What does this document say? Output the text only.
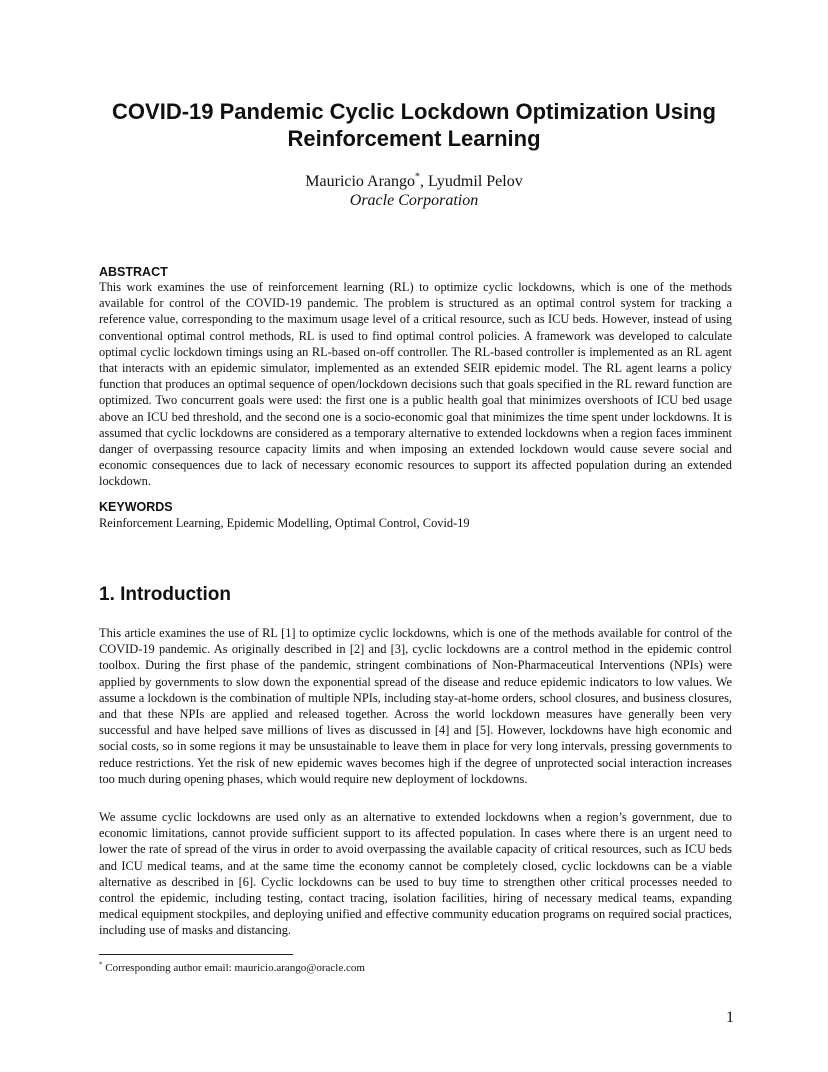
COVID-19 Pandemic Cyclic Lockdown Optimization Using Reinforcement Learning
Mauricio Arango*, Lyudmil Pelov
Oracle Corporation
ABSTRACT

This work examines the use of reinforcement learning (RL) to optimize cyclic lockdowns, which is one of the methods available for control of the COVID-19 pandemic. The problem is structured as an optimal control system for tracking a reference value, corresponding to the maximum usage level of a critical resource, such as ICU beds. However, instead of using conventional optimal control methods, RL is used to find optimal control policies. A framework was developed to calculate optimal cyclic lockdown timings using an RL-based on-off controller. The RL-based controller is implemented as an RL agent that interacts with an epidemic simulator, implemented as an extended SEIR epidemic model. The RL agent learns a policy function that produces an optimal sequence of open/lockdown decisions such that goals specified in the RL reward function are optimized. Two concurrent goals were used: the first one is a public health goal that minimizes overshoots of ICU bed usage above an ICU bed threshold, and the second one is a socio-economic goal that minimizes the time spent under lockdowns. It is assumed that cyclic lockdowns are considered as a temporary alternative to extended lockdowns when a region faces imminent danger of overpassing resource capacity limits and when imposing an extended lockdown would cause severe social and economic consequences due to lack of necessary economic resources to support its affected population during an extended lockdown.

KEYWORDS

Reinforcement Learning, Epidemic Modelling, Optimal Control, Covid-19

1. Introduction

This article examines the use of RL [1] to optimize cyclic lockdowns, which is one of the methods available for control of the COVID-19 pandemic. As originally described in [2] and [3], cyclic lockdowns are a control method in the epidemic control toolbox. During the first phase of the pandemic, stringent combinations of Non-Pharmaceutical Interventions (NPIs) were applied by governments to slow down the exponential spread of the disease and reduce epidemic indicators to low values. We assume a lockdown is the combination of multiple NPIs, including stay-at-home orders, school closures, and business closures, and that these NPIs are applied and released together. Across the world lockdown measures have generally been very successful and have helped save millions of lives as discussed in [4] and [5]. However, lockdowns have high economic and social costs, so in some regions it may be unsustainable to leave them in place for very long intervals, pressing governments to reduce restrictions. Yet the risk of new epidemic waves becomes high if the degree of unprotected social interaction increases too much during opening phases, which would require new deployment of lockdowns.

We assume cyclic lockdowns are used only as an alternative to extended lockdowns when a region’s government, due to economic limitations, cannot provide sufficient support to its affected population. In cases where there is an urgent need to lower the rate of spread of the virus in order to avoid overpassing the available capacity of critical resources, such as ICU beds and ICU medical teams, and at the same time the economy cannot be completely closed, cyclic lockdowns can be a viable alternative as described in [6]. Cyclic lockdowns can be used to buy time to strengthen other critical processes needed to control the epidemic, including testing, contact tracing, isolation facilities, hiring of necessary medical teams, expanding medical equipment stockpiles, and deploying unified and effective community education programs on required social practices, including use of masks and distancing.

* Corresponding author email: mauricio.arango@oracle.com
1
